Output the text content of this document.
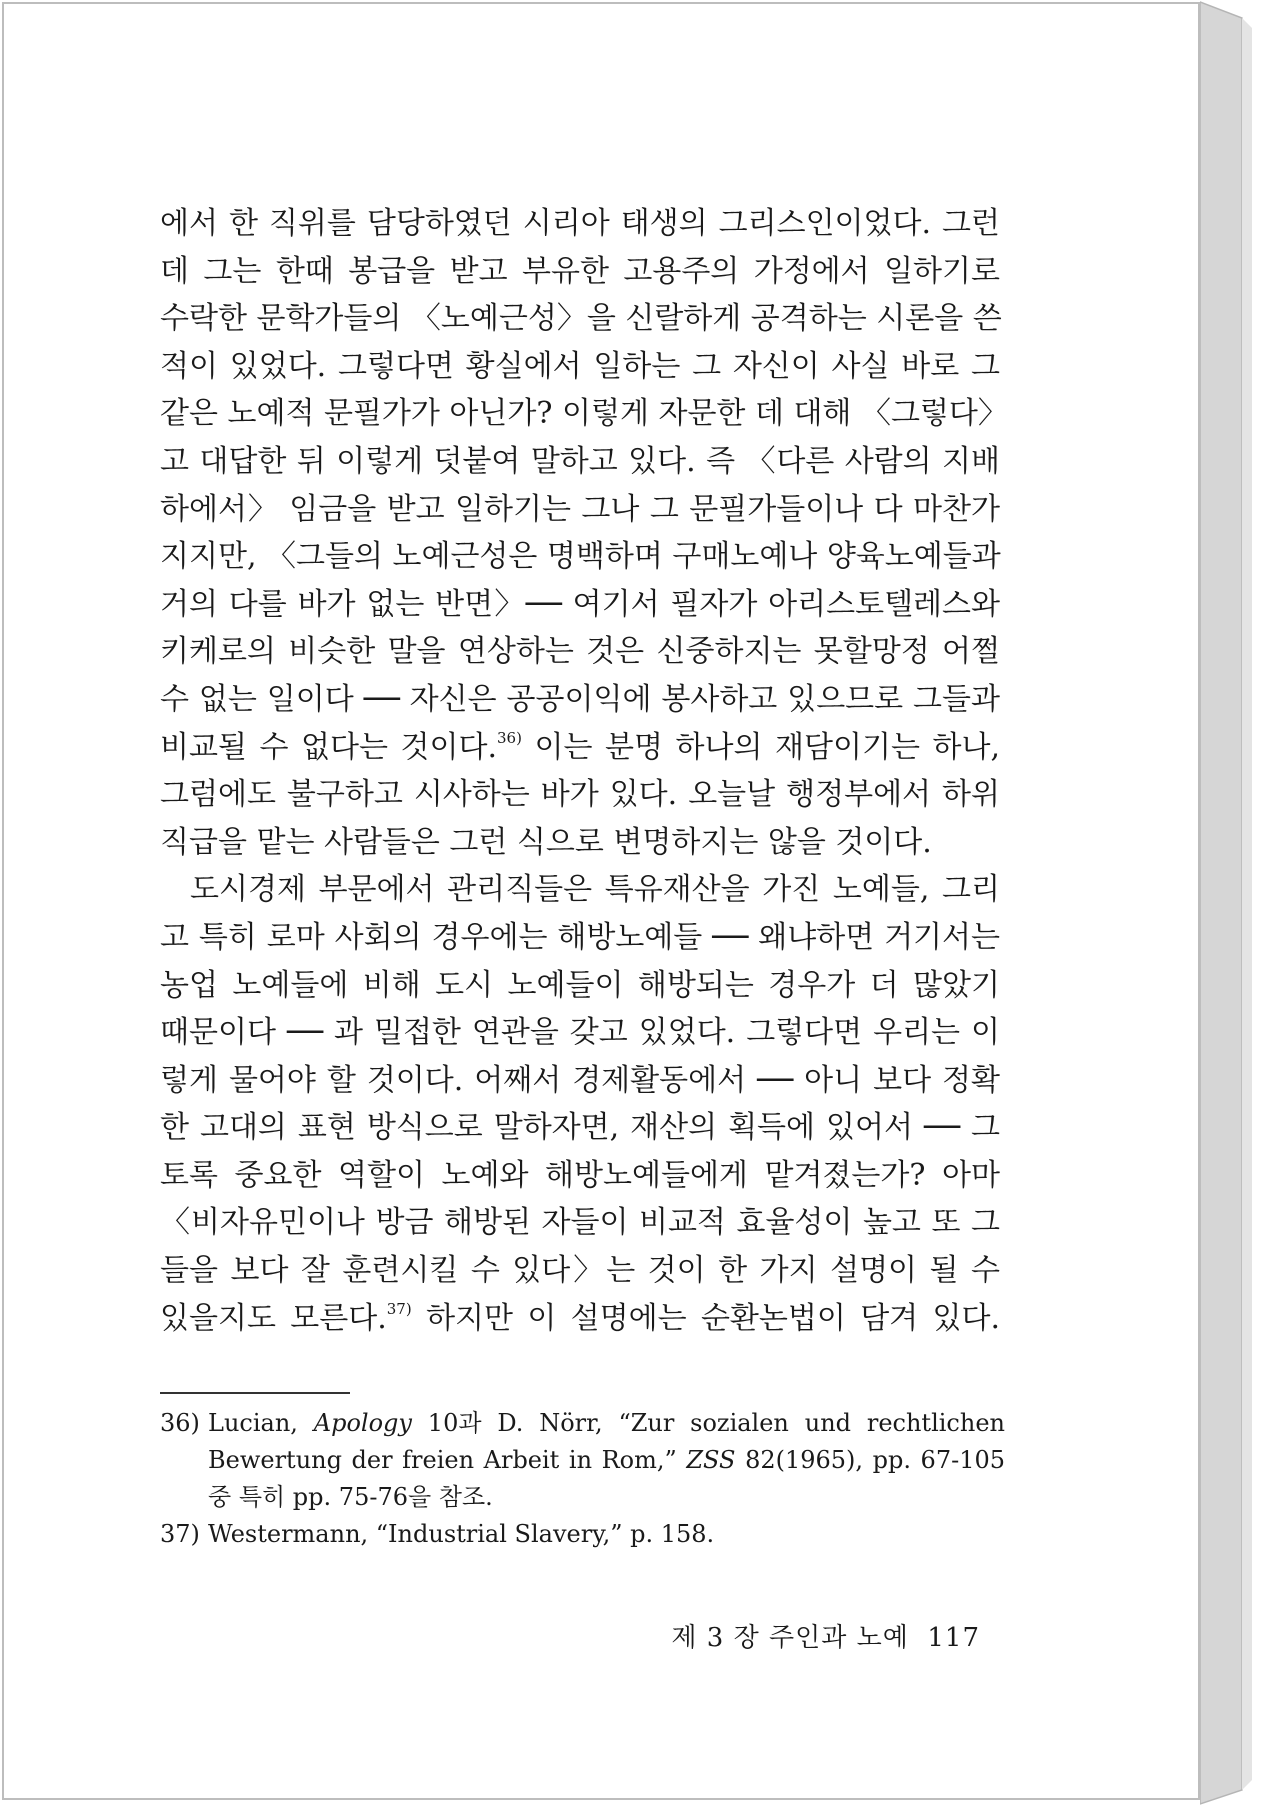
에서 한 직위를 담당하였던 시리아 태생의 그리스인이었다. 그런
데 그는 한때 봉급을 받고 부유한 고용주의 가정에서 일하기로
수락한 문학가들의 〈노예근성〉을 신랄하게 공격하는 시론을 쓴
적이 있었다. 그렇다면 황실에서 일하는 그 자신이 사실 바로 그
같은 노예적 문필가가 아닌가? 이렇게 자문한 데 대해 〈그렇다〉
고 대답한 뒤 이렇게 덧붙여 말하고 있다. 즉 〈다른 사람의 지배
하에서〉 임금을 받고 일하기는 그나 그 문필가들이나 다 마찬가
지지만, 〈그들의 노예근성은 명백하며 구매노예나 양육노예들과
거의 다를 바가 없는 반면〉── 여기서 필자가 아리스토텔레스와
키케로의 비슷한 말을 연상하는 것은 신중하지는 못할망정 어쩔
수 없는 일이다 ── 자신은 공공이익에 봉사하고 있으므로 그들과
비교될 수 없다는 것이다.$^{36)}$ 이는 분명 하나의 재담이기는 하나,
그럼에도 불구하고 시사하는 바가 있다. 오늘날 행정부에서 하위
직급을 맡는 사람들은 그런 식으로 변명하지는 않을 것이다.

도시경제 부문에서 관리직들은 특유재산을 가진 노예들, 그리
고 특히 로마 사회의 경우에는 해방노예들 ── 왜냐하면 거기서는
농업 노예들에 비해 도시 노예들이 해방되는 경우가 더 많았기
때문이다 ── 과 밀접한 연관을 갖고 있었다. 그렇다면 우리는 이
렇게 물어야 할 것이다. 어째서 경제활동에서 ── 아니 보다 정확
한 고대의 표현 방식으로 말하자면, 재산의 획득에 있어서 ── 그
토록 중요한 역할이 노예와 해방노예들에게 맡겨졌는가? 아마
〈비자유민이나 방금 해방된 자들이 비교적 효율성이 높고 또 그
들을 보다 잘 훈련시킬 수 있다〉는 것이 한 가지 설명이 될 수
있을지도 모른다.$^{37)}$ 하지만 이 설명에는 순환논법이 담겨 있다.

36) Lucian, Apology 10과 D. Nörr, “Zur sozialen und rechtlichen Bewertung der freien Arbeit in Rom,” ZSS 82(1965), pp. 67-105 중 특히 pp. 75-76을 참조.
37) Westermann, “Industrial Slavery,” p. 158.
제 3 장 주인과 노예 117
